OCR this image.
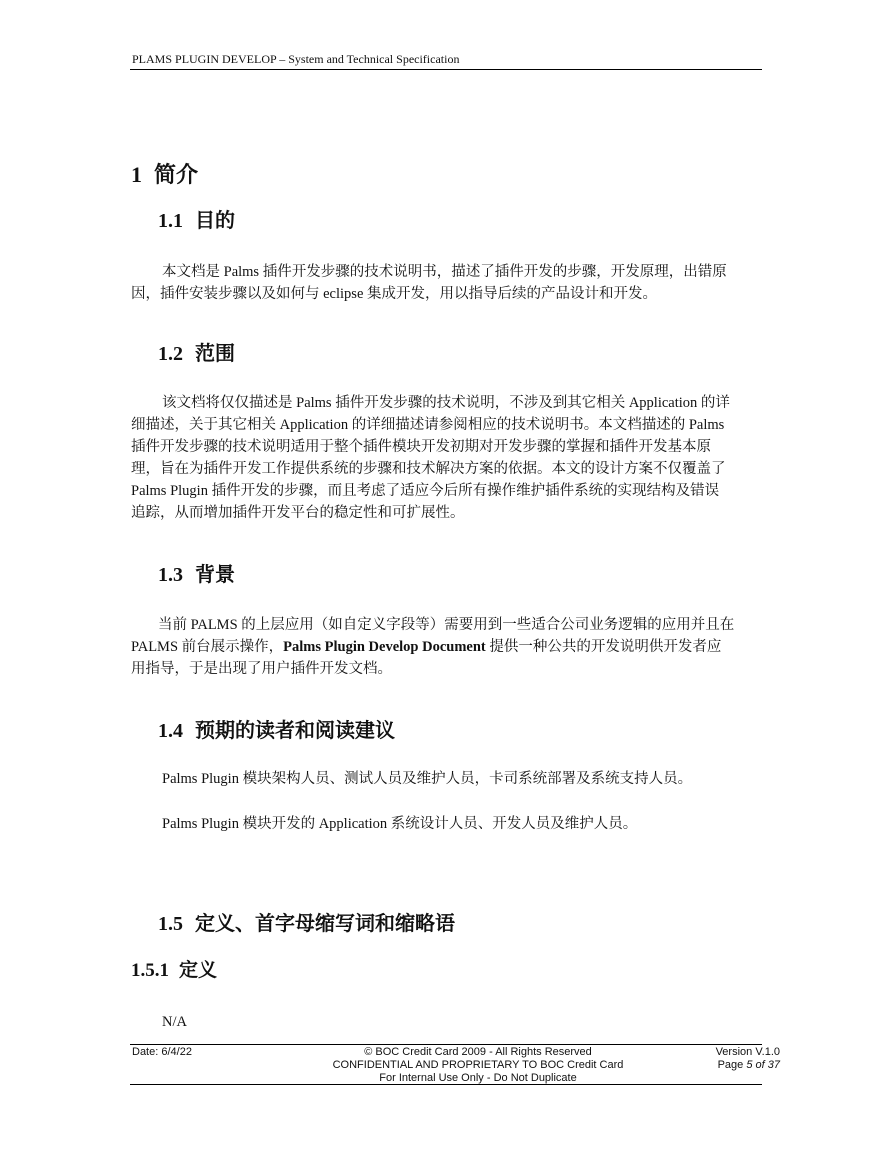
PLAMS PLUGIN DEVELOP – System and Technical Specification
1 简介
1.1 目的
本文档是 Palms 插件开发步骤的技术说明书，描述了插件开发的步骤，开发原理，出错原
因，插件安装步骤以及如何与 eclipse 集成开发，用以指导后续的产品设计和开发。
1.2 范围
该文档将仅仅描述是 Palms 插件开发步骤的技术说明，不涉及到其它相关 Application 的详
细描述，关于其它相关 Application 的详细描述请参阅相应的技术说明书。本文档描述的 Palms
插件开发步骤的技术说明适用于整个插件模块开发初期对开发步骤的掌握和插件开发基本原
理，旨在为插件开发工作提供系统的步骤和技术解决方案的依据。本文的设计方案不仅覆盖了
Palms Plugin 插件开发的步骤，而且考虑了适应今后所有操作维护插件系统的实现结构及错误
追踪，从而增加插件开发平台的稳定性和可扩展性。
1.3 背景
当前 PALMS 的上层应用（如自定义字段等）需要用到一些适合公司业务逻辑的应用并且在
PALMS 前台展示操作，Palms Plugin Develop Document 提供一种公共的开发说明供开发者应
用指导，于是出现了用户插件开发文档。
1.4 预期的读者和阅读建议
Palms Plugin 模块架构人员、测试人员及维护人员，卡司系统部署及系统支持人员。
Palms Plugin 模块开发的 Application 系统设计人员、开发人员及维护人员。
1.5 定义、首字母缩写词和缩略语
1.5.1 定义
N/A
Date: 6/4/22	© BOC Credit Card 2009 - All Rights Reserved
CONFIDENTIAL AND PROPRIETARY TO BOC Credit Card
For Internal Use Only - Do Not Duplicate
Version V.1.0
Page 5 of 37
